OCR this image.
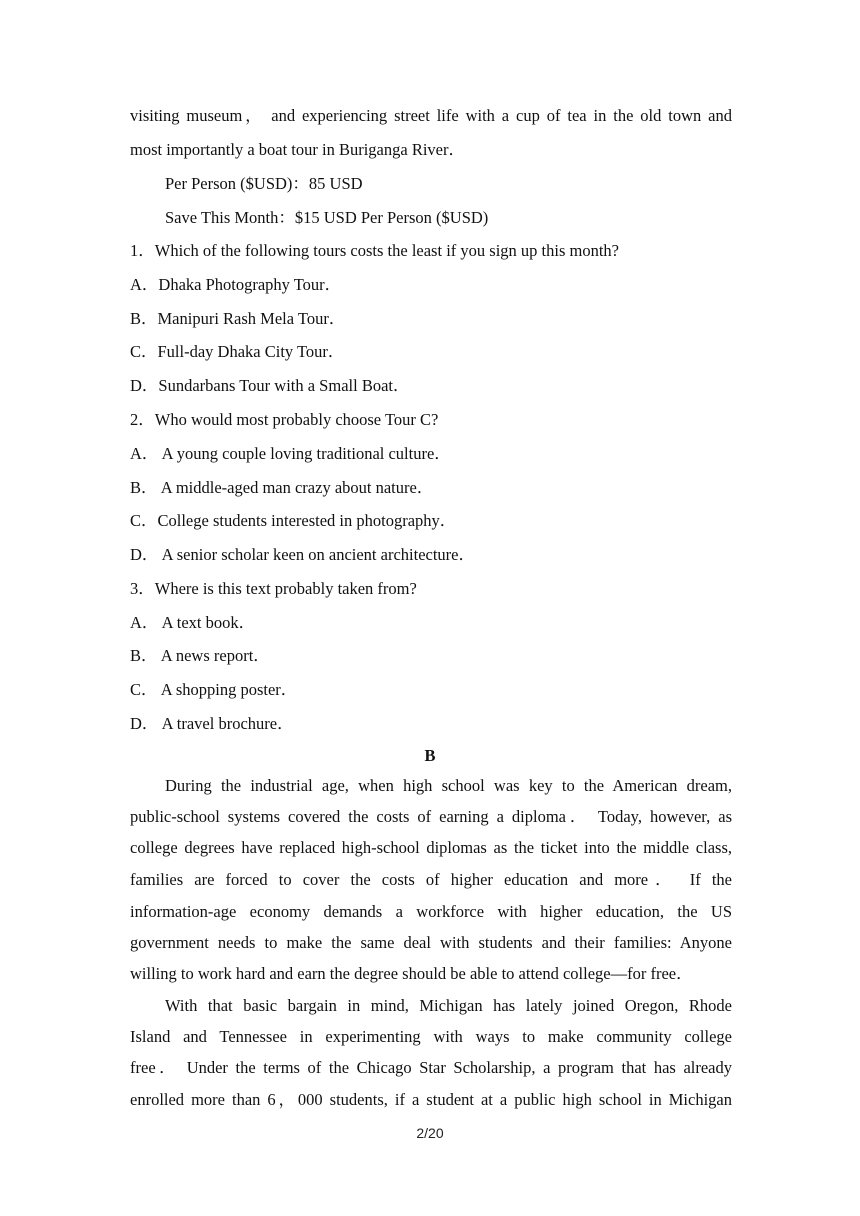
visiting museum， and experiencing street life with a cup of tea in the old town and
most importantly a boat tour in Buriganga River．
Per Person ($USD)：85 USD
Save This Month：$15 USD Per Person ($USD)
1．Which of the following tours costs the least if you sign up this month?
A．Dhaka Photography Tour．
B．Manipuri Rash Mela Tour．
C．Full-day Dhaka City Tour．
D．Sundarbans Tour with a Small Boat．
2．Who would most probably choose Tour C?
A． A young couple loving traditional culture．
B． A middle-aged man crazy about nature．
C．College students interested in photography．
D． A senior scholar keen on ancient architecture．
3．Where is this text probably taken from?
A． A text book．
B． A news report．
C． A shopping poster．
D． A travel brochure．
B
During the industrial age, when high school was key to the American dream,
public-school systems covered the costs of earning a diploma． Today, however, as
college degrees have replaced high-school diplomas as the ticket into the middle class,
families are forced to cover the costs of higher education and more． If the
information-age economy demands a workforce with higher education, the US
government needs to make the same deal with students and their families: Anyone
willing to work hard and earn the degree should be able to attend college—for free．
With that basic bargain in mind, Michigan has lately joined Oregon, Rhode
Island and Tennessee in experimenting with ways to make community college
free． Under the terms of the Chicago Star Scholarship, a program that has already
enrolled more than 6，000 students, if a student at a public high school in Michigan
2/20
